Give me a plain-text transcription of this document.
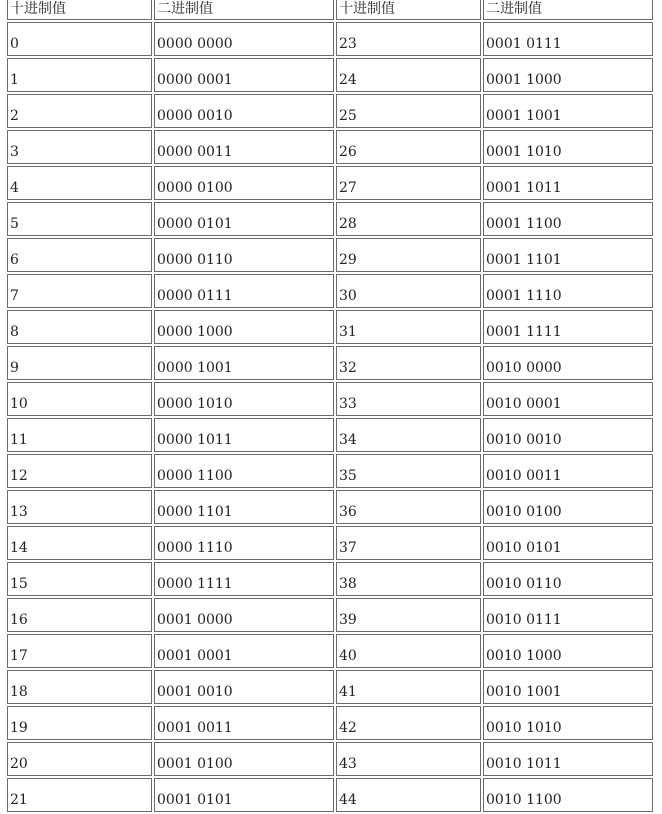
十进制值	二进制值	十进制值	二进制值
0	0000 0000	23	0001 0111
1	0000 0001	24	0001 1000
2	0000 0010	25	0001 1001
3	0000 0011	26	0001 1010
4	0000 0100	27	0001 1011
5	0000 0101	28	0001 1100
6	0000 0110	29	0001 1101
7	0000 0111	30	0001 1110
8	0000 1000	31	0001 1111
9	0000 1001	32	0010 0000
10	0000 1010	33	0010 0001
11	0000 1011	34	0010 0010
12	0000 1100	35	0010 0011
13	0000 1101	36	0010 0100
14	0000 1110	37	0010 0101
15	0000 1111	38	0010 0110
16	0001 0000	39	0010 0111
17	0001 0001	40	0010 1000
18	0001 0010	41	0010 1001
19	0001 0011	42	0010 1010
20	0001 0100	43	0010 1011
21	0001 0101	44	0010 1100
